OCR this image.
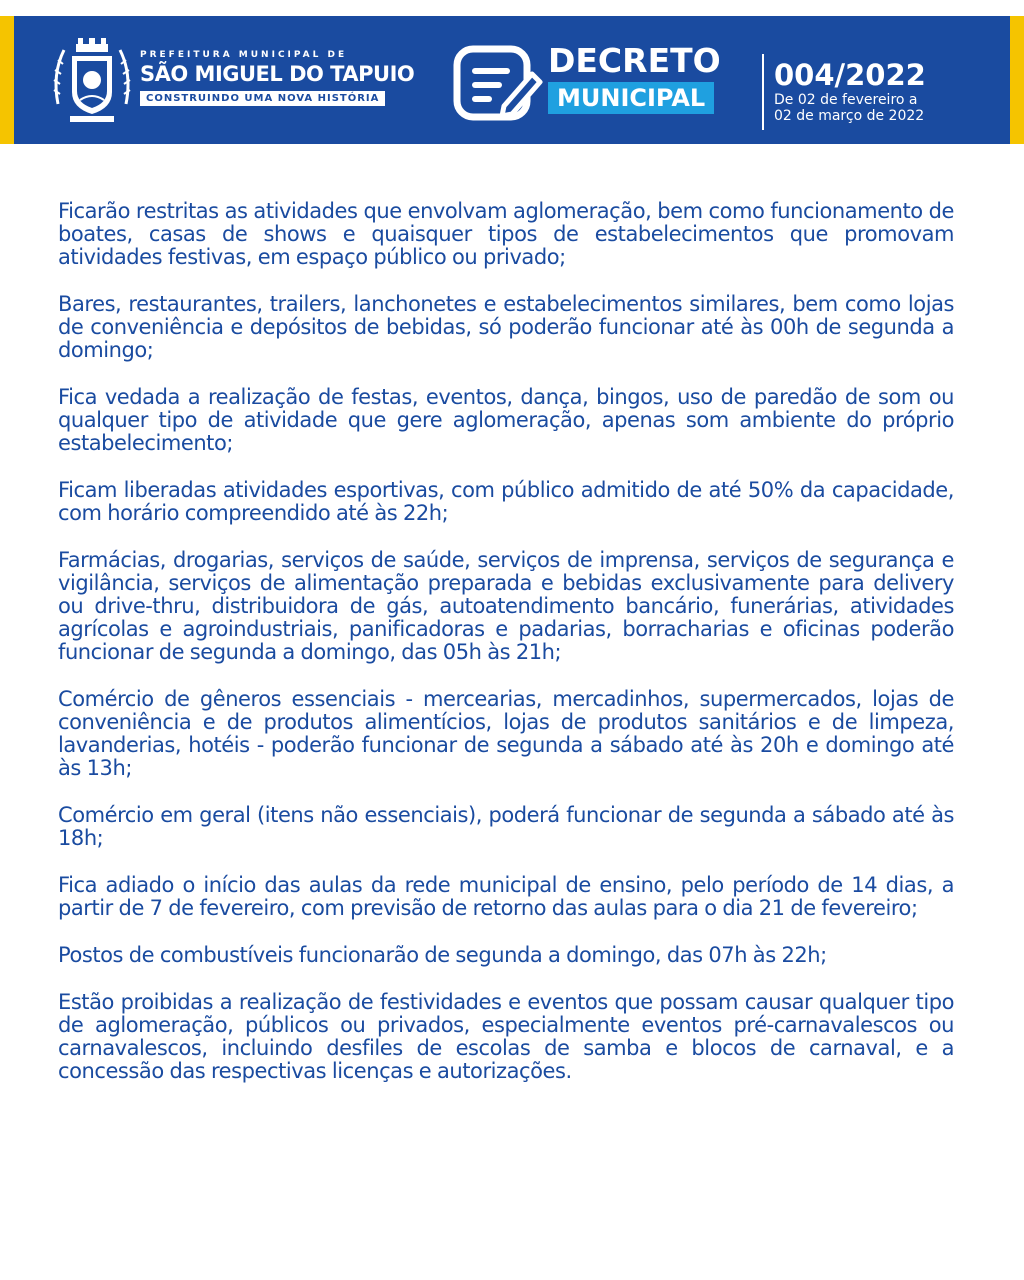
PREFEITURA MUNICIPAL DE
SÃO MIGUEL DO TAPUIO
CONSTRUINDO UMA NOVA HISTÓRIA
DECRETO
MUNICIPAL
004/2022
De 02 de fevereiro a
02 de março de 2022

Ficarão restritas as atividades que envolvam aglomeração, bem como funcionamento de boates, casas de shows e quaisquer tipos de estabelecimentos que promovam atividades festivas, em espaço público ou privado;

Bares, restaurantes, trailers, lanchonetes e estabelecimentos similares, bem como lojas de conveniência e depósitos de bebidas, só poderão funcionar até às 00h de segunda a domingo;

Fica vedada a realização de festas, eventos, dança, bingos, uso de paredão de som ou qualquer tipo de atividade que gere aglomeração, apenas som ambiente do próprio estabelecimento;

Ficam liberadas atividades esportivas, com público admitido de até 50% da capacidade, com horário compreendido até às 22h;

Farmácias, drogarias, serviços de saúde, serviços de imprensa, serviços de segurança e vigilância, serviços de alimentação preparada e bebidas exclusivamente para delivery ou drive-thru, distribuidora de gás, autoatendimento bancário, funerárias, atividades agrícolas e agroindustriais, panificadoras e padarias, borracharias e oficinas poderão funcionar de segunda a domingo, das 05h às 21h;

Comércio de gêneros essenciais - mercearias, mercadinhos, supermercados, lojas de conveniência e de produtos alimentícios, lojas de produtos sanitários e de limpeza, lavanderias, hotéis - poderão funcionar de segunda a sábado até às 20h e domingo até às 13h;

Comércio em geral (itens não essenciais), poderá funcionar de segunda a sábado até às 18h;

Fica adiado o início das aulas da rede municipal de ensino, pelo período de 14 dias, a partir de 7 de fevereiro, com previsão de retorno das aulas para o dia 21 de fevereiro;

Postos de combustíveis funcionarão de segunda a domingo, das 07h às 22h;

Estão proibidas a realização de festividades e eventos que possam causar qualquer tipo de aglomeração, públicos ou privados, especialmente eventos pré-carnavalescos ou carnavalescos, incluindo desfiles de escolas de samba e blocos de carnaval, e a concessão das respectivas licenças e autorizações.
